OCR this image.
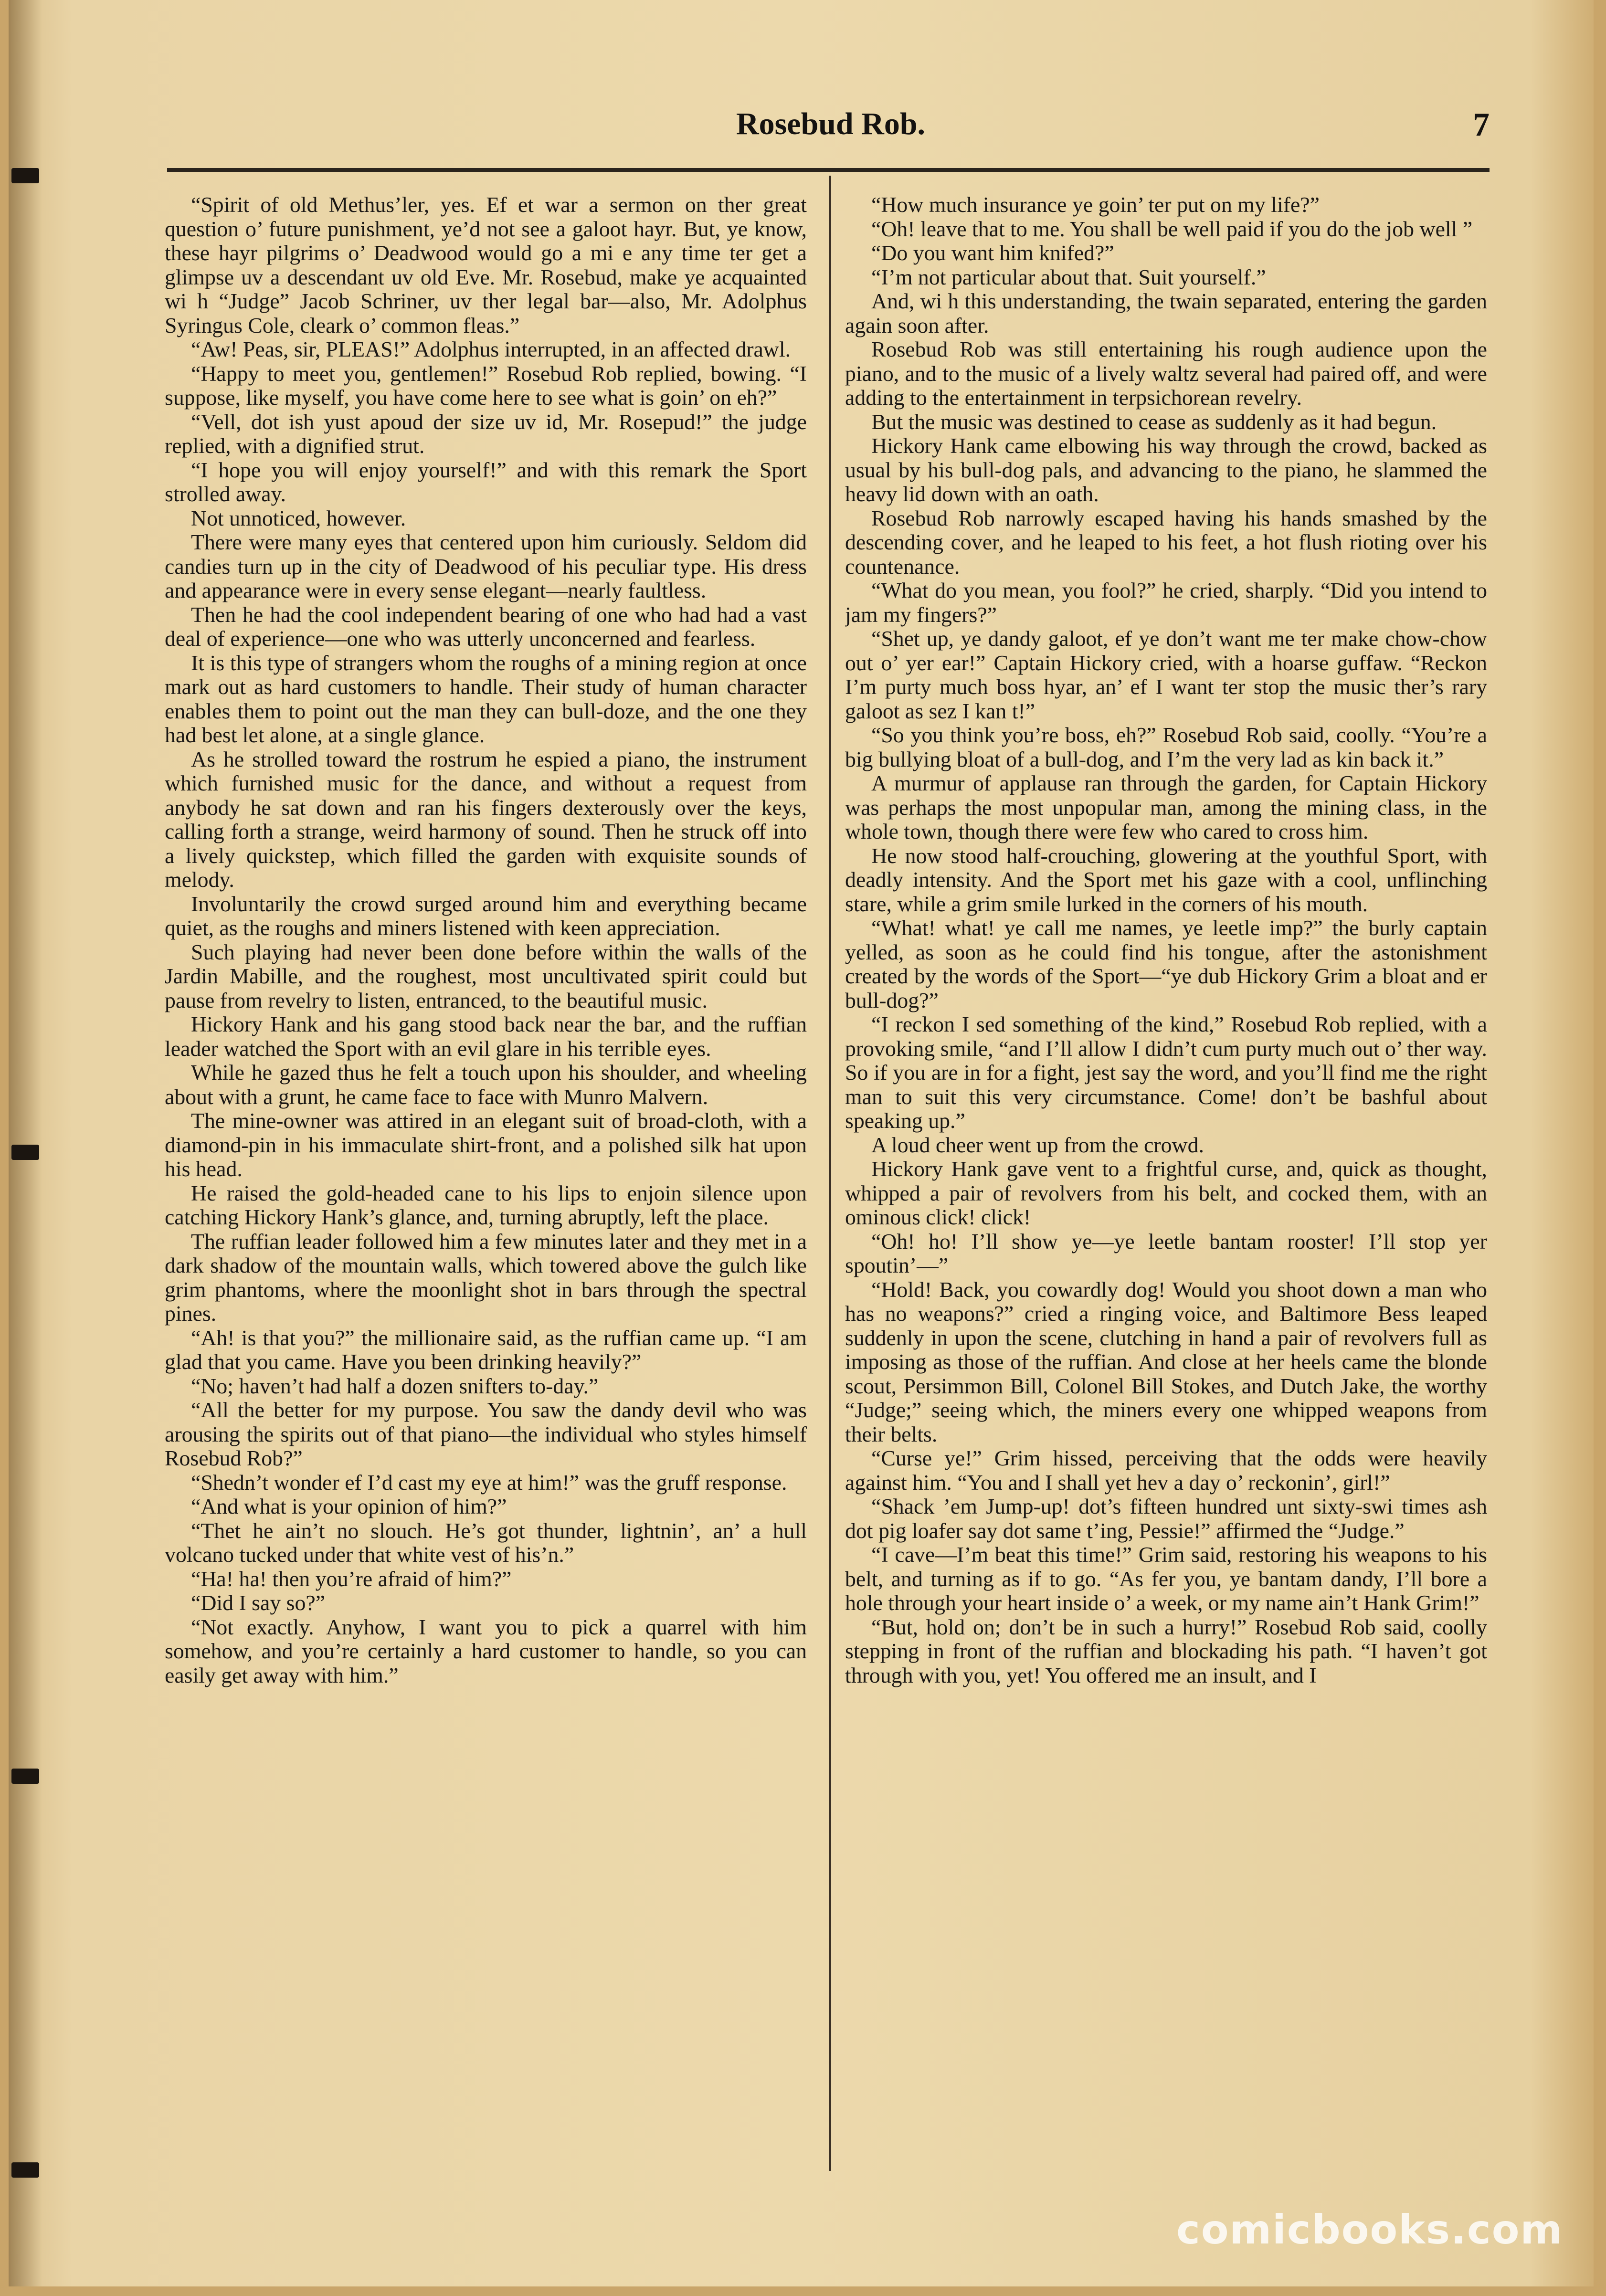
Rosebud Rob.	7

“Spirit of old Methus’ler, yes. Ef et war a sermon on ther great question o’ future punishment, ye’d not see a galoot hayr. But, ye know, these hayr pilgrims o’ Deadwood would go a mi e any time ter get a glimpse uv a descendant uv old Eve. Mr. Rosebud, make ye acquainted wi h “Judge” Jacob Schriner, uv ther legal bar—also, Mr. Adolphus Syringus Cole, cleark o’ common fleas.”

“Aw! Peas, sir, PLEAS!” Adolphus interrupted, in an affected drawl.

“Happy to meet you, gentlemen!” Rosebud Rob replied, bowing. “I suppose, like myself, you have come here to see what is goin’ on eh?”

“Vell, dot ish yust apoud der size uv id, Mr. Rosepud!” the judge replied, with a dignified strut.

“I hope you will enjoy yourself!” and with this remark the Sport strolled away.

Not unnoticed, however.

There were many eyes that centered upon him curiously. Seldom did candies turn up in the city of Deadwood of his peculiar type. His dress and appearance were in every sense elegant—nearly faultless.

Then he had the cool independent bearing of one who had had a vast deal of experience—one who was utterly unconcerned and fearless.

It is this type of strangers whom the roughs of a mining region at once mark out as hard customers to handle. Their study of human character enables them to point out the man they can bull-doze, and the one they had best let alone, at a single glance.

As he strolled toward the rostrum he espied a piano, the instrument which furnished music for the dance, and without a request from anybody he sat down and ran his fingers dexterously over the keys, calling forth a strange, weird harmony of sound. Then he struck off into a lively quickstep, which filled the garden with exquisite sounds of melody.

Involuntarily the crowd surged around him and everything became quiet, as the roughs and miners listened with keen appreciation.

Such playing had never been done before within the walls of the Jardin Mabille, and the roughest, most uncultivated spirit could but pause from revelry to listen, entranced, to the beautiful music.

Hickory Hank and his gang stood back near the bar, and the ruffian leader watched the Sport with an evil glare in his terrible eyes.

While he gazed thus he felt a touch upon his shoulder, and wheeling about with a grunt, he came face to face with Munro Malvern.

The mine-owner was attired in an elegant suit of broad-cloth, with a diamond-pin in his immaculate shirt-front, and a polished silk hat upon his head.

He raised the gold-headed cane to his lips to enjoin silence upon catching Hickory Hank’s glance, and, turning abruptly, left the place.

The ruffian leader followed him a few minutes later and they met in a dark shadow of the mountain walls, which towered above the gulch like grim phantoms, where the moonlight shot in bars through the spectral pines.

“Ah! is that you?” the millionaire said, as the ruffian came up. “I am glad that you came. Have you been drinking heavily?”

“No; haven’t had half a dozen snifters to-day.”

“All the better for my purpose. You saw the dandy devil who was arousing the spirits out of that piano—the individual who styles himself Rosebud Rob?”

“Shedn’t wonder ef I’d cast my eye at him!” was the gruff response.

“And what is your opinion of him?”

“Thet he ain’t no slouch. He’s got thunder, lightnin’, an’ a hull volcano tucked under that white vest of his’n.”

“Ha! ha! then you’re afraid of him?”

“Did I say so?”

“Not exactly. Anyhow, I want you to pick a quarrel with him somehow, and you’re certainly a hard customer to handle, so you can easily get away with him.”

“How much insurance ye goin’ ter put on my life?”

“Oh! leave that to me. You shall be well paid if you do the job well ”

“Do you want him knifed?”

“I’m not particular about that. Suit yourself.”

And, wi h this understanding, the twain separated, entering the garden again soon after.

Rosebud Rob was still entertaining his rough audience upon the piano, and to the music of a lively waltz several had paired off, and were adding to the entertainment in terpsichorean revelry.

But the music was destined to cease as suddenly as it had begun.

Hickory Hank came elbowing his way through the crowd, backed as usual by his bull-dog pals, and advancing to the piano, he slammed the heavy lid down with an oath.

Rosebud Rob narrowly escaped having his hands smashed by the descending cover, and he leaped to his feet, a hot flush rioting over his countenance.

“What do you mean, you fool?” he cried, sharply. “Did you intend to jam my fingers?”

“Shet up, ye dandy galoot, ef ye don’t want me ter make chow-chow out o’ yer ear!” Captain Hickory cried, with a hoarse guffaw. “Reckon I’m purty much boss hyar, an’ ef I want ter stop the music ther’s rary galoot as sez I kan t!”

“So you think you’re boss, eh?” Rosebud Rob said, coolly. “You’re a big bullying bloat of a bull-dog, and I’m the very lad as kin back it.”

A murmur of applause ran through the garden, for Captain Hickory was perhaps the most unpopular man, among the mining class, in the whole town, though there were few who cared to cross him.

He now stood half-crouching, glowering at the youthful Sport, with deadly intensity. And the Sport met his gaze with a cool, unflinching stare, while a grim smile lurked in the corners of his mouth.

“What! what! ye call me names, ye leetle imp?” the burly captain yelled, as soon as he could find his tongue, after the astonishment created by the words of the Sport—“ye dub Hickory Grim a bloat and er bull-dog?”

“I reckon I sed something of the kind,” Rosebud Rob replied, with a provoking smile, “and I’ll allow I didn’t cum purty much out o’ ther way. So if you are in for a fight, jest say the word, and you’ll find me the right man to suit this very circumstance. Come! don’t be bashful about speaking up.”

A loud cheer went up from the crowd.

Hickory Hank gave vent to a frightful curse, and, quick as thought, whipped a pair of revolvers from his belt, and cocked them, with an ominous click! click!

“Oh! ho! I’ll show ye—ye leetle bantam rooster! I’ll stop yer spoutin’—”

“Hold! Back, you cowardly dog! Would you shoot down a man who has no weapons?” cried a ringing voice, and Baltimore Bess leaped suddenly in upon the scene, clutching in hand a pair of revolvers full as imposing as those of the ruffian. And close at her heels came the blonde scout, Persimmon Bill, Colonel Bill Stokes, and Dutch Jake, the worthy “Judge;” seeing which, the miners every one whipped weapons from their belts.

“Curse ye!” Grim hissed, perceiving that the odds were heavily against him. “You and I shall yet hev a day o’ reckonin’, girl!”

“Shack ’em Jump-up! dot’s fifteen hundred unt sixty-swi times ash dot pig loafer say dot same t’ing, Pessie!” affirmed the “Judge.”

“I cave—I’m beat this time!” Grim said, restoring his weapons to his belt, and turning as if to go. “As fer you, ye bantam dandy, I’ll bore a hole through your heart inside o’ a week, or my name ain’t Hank Grim!”

“But, hold on; don’t be in such a hurry!” Rosebud Rob said, coolly stepping in front of the ruffian and blockading his path. “I haven’t got through with you, yet! You offered me an insult, and I

comicbooks.com
